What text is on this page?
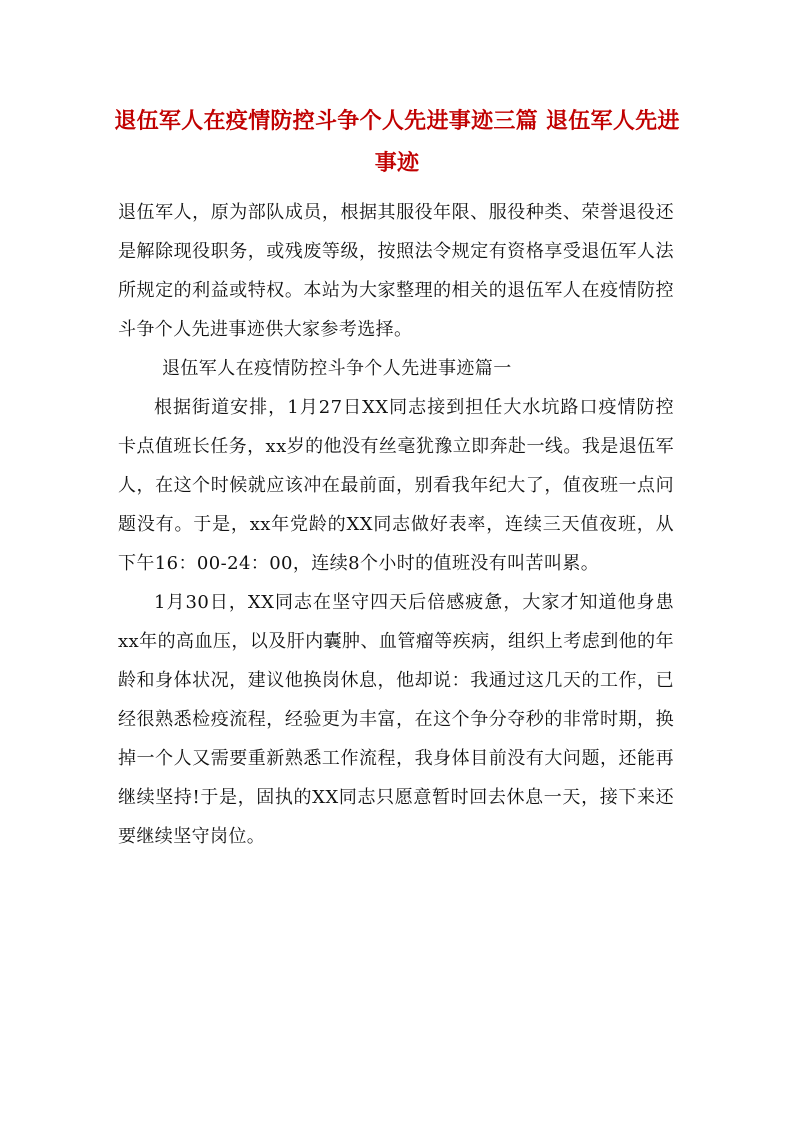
退伍军人在疫情防控斗争个人先进事迹三篇 退伍军人先进事迹

退伍军人，原为部队成员，根据其服役年限、服役种类、荣誉退役还是解除现役职务，或残废等级，按照法令规定有资格享受退伍军人法所规定的利益或特权。本站为大家整理的相关的退伍军人在疫情防控斗争个人先进事迹供大家参考选择。

退伍军人在疫情防控斗争个人先进事迹篇一

根据街道安排，1月27日XX同志接到担任大水坑路口疫情防控卡点值班长任务，xx岁的他没有丝毫犹豫立即奔赴一线。我是退伍军人，在这个时候就应该冲在最前面，别看我年纪大了，值夜班一点问题没有。于是，xx年党龄的XX同志做好表率，连续三天值夜班，从下午16：00-24：00，连续8个小时的值班没有叫苦叫累。

1月30日，XX同志在坚守四天后倍感疲惫，大家才知道他身患xx年的高血压，以及肝内囊肿、血管瘤等疾病，组织上考虑到他的年龄和身体状况，建议他换岗休息，他却说：我通过这几天的工作，已经很熟悉检疫流程，经验更为丰富，在这个争分夺秒的非常时期，换掉一个人又需要重新熟悉工作流程，我身体目前没有大问题，还能再继续坚持!于是，固执的XX同志只愿意暂时回去休息一天，接下来还要继续坚守岗位。
